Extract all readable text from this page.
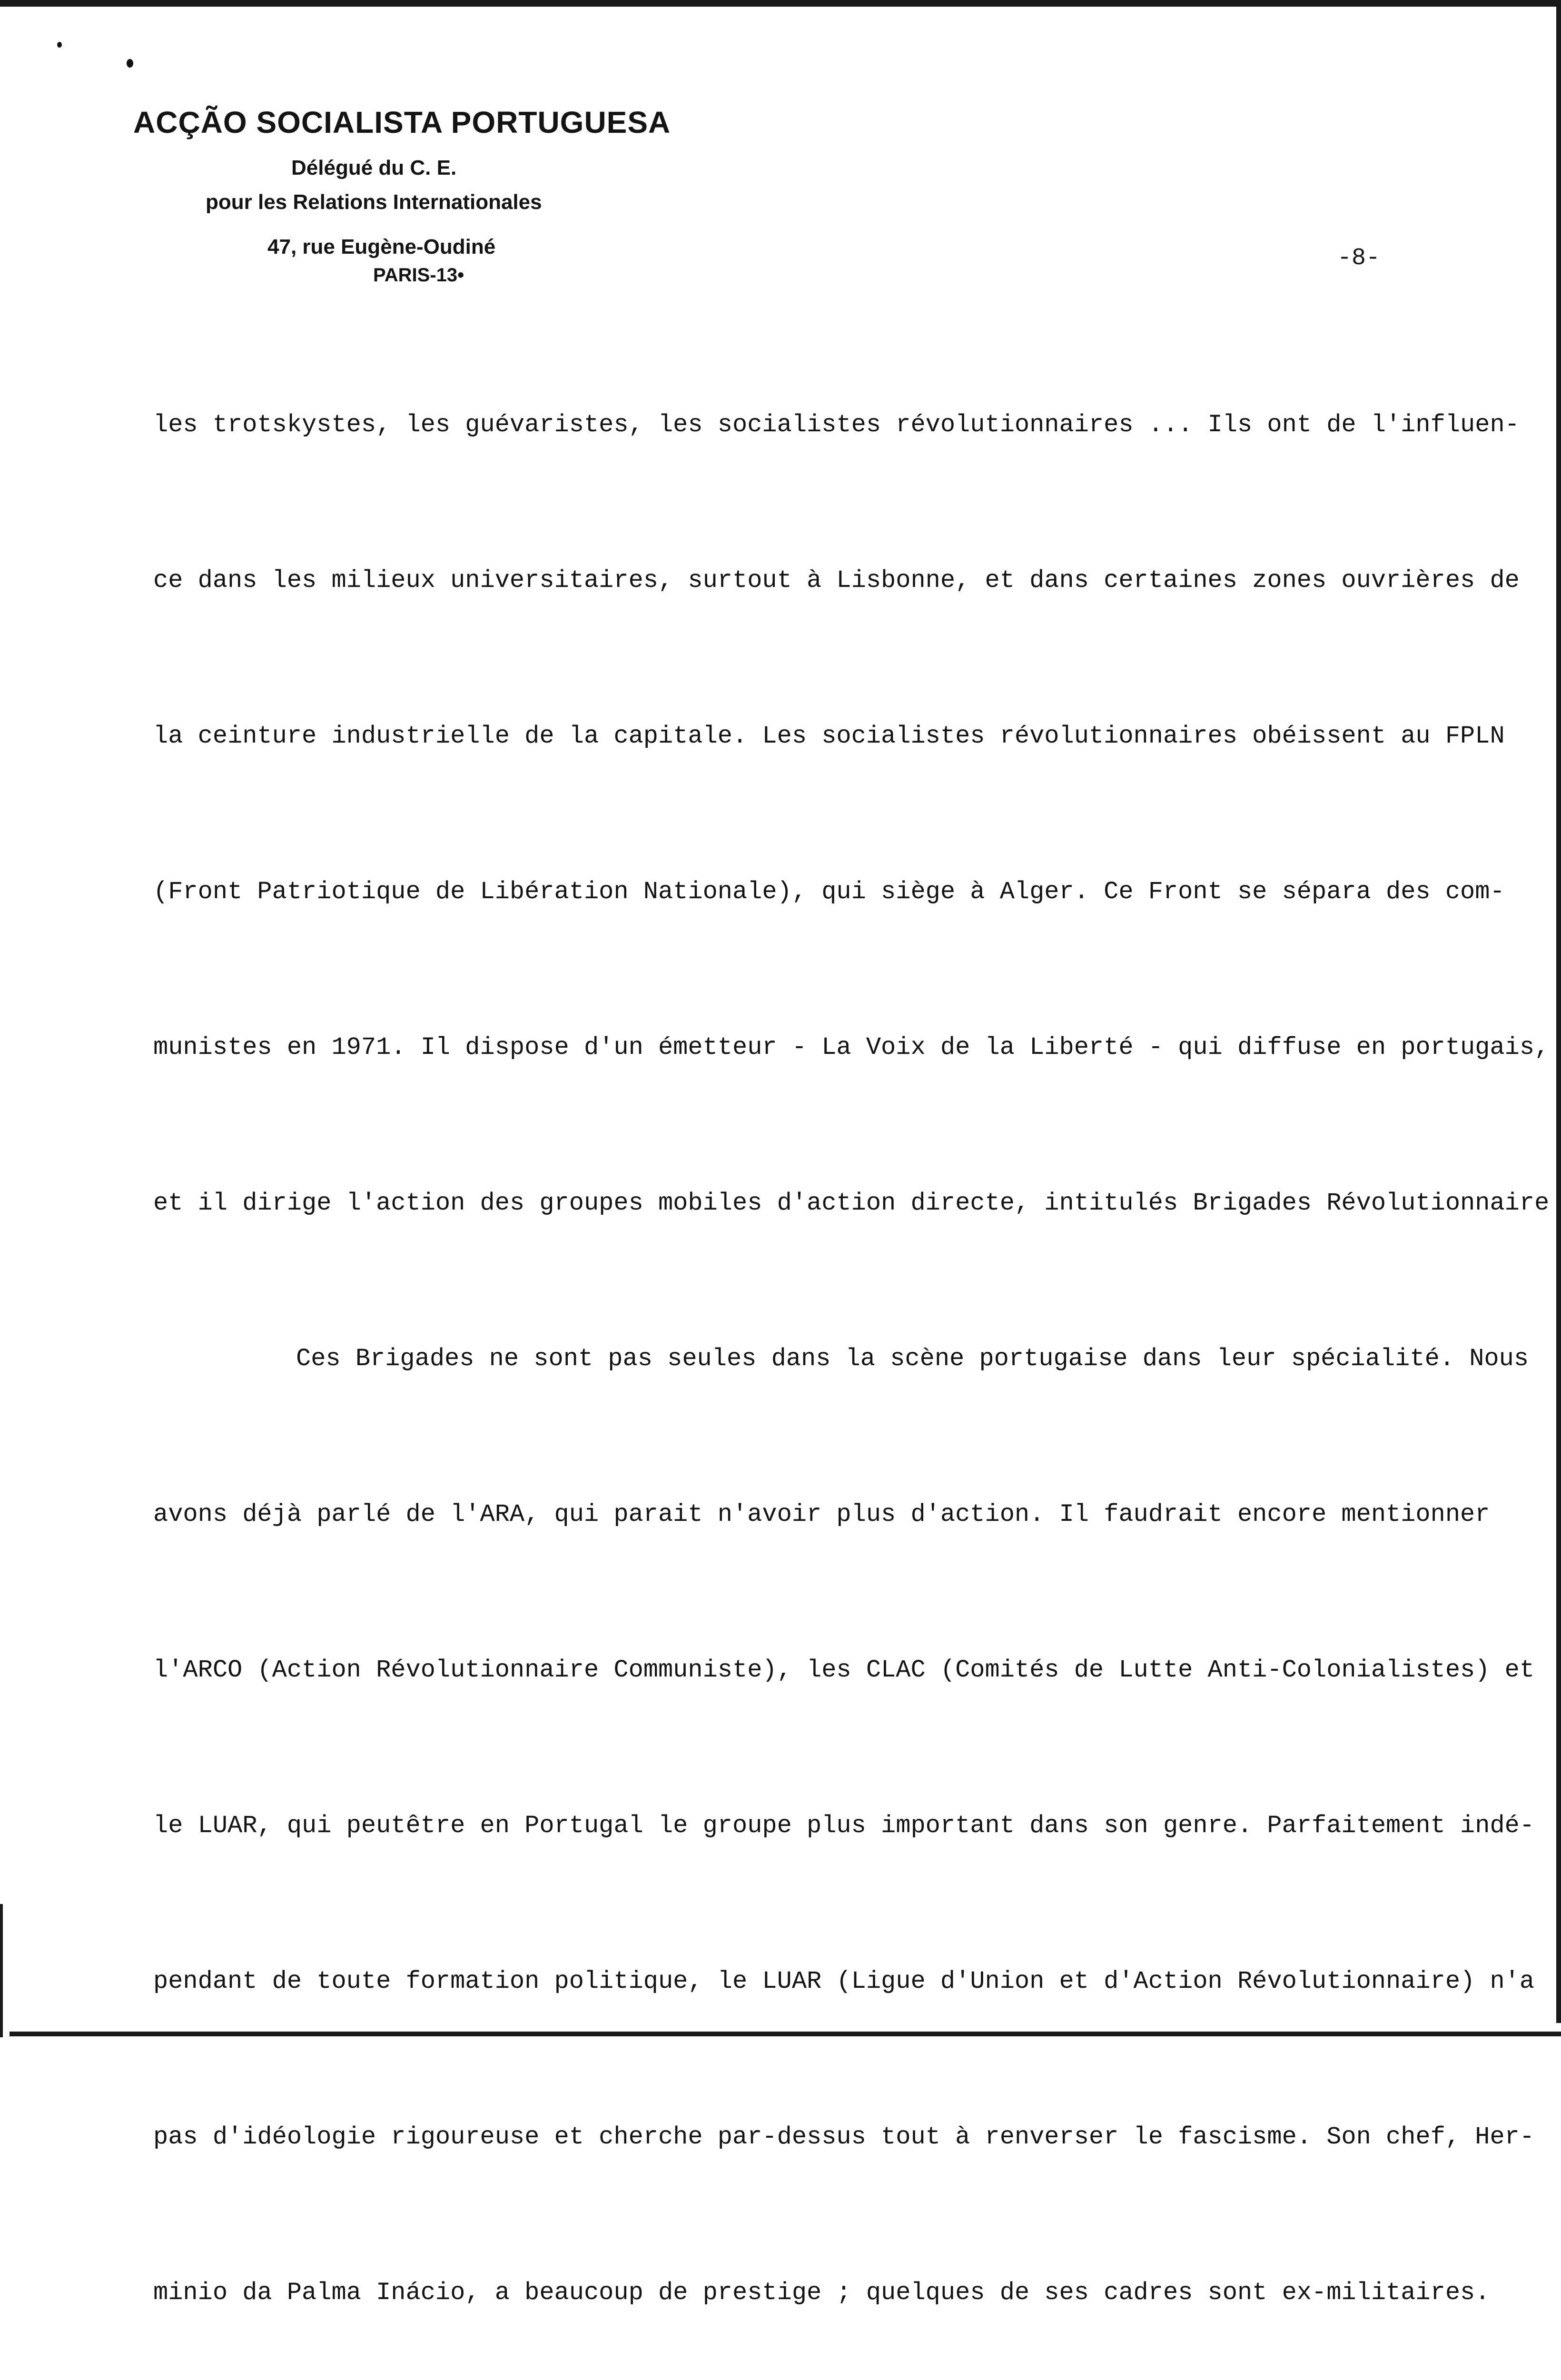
ACÇÃO SOCIALISTA PORTUGUESA
Délégué du C. E.
pour les Relations Internationales
47, rue Eugène-Oudiné
PARIS-13•
-8-

les trotskystes, les guévaristes, les socialistes révolutionnaires ... Ils ont de l'influen-

ce dans les milieux universitaires, surtout à Lisbonne, et dans certaines zones ouvrières de

la ceinture industrielle de la capitale. Les socialistes révolutionnaires obéissent au FPLN

(Front Patriotique de Libération Nationale), qui siège à Alger. Ce Front se sépara des com-

munistes en 1971. Il dispose d'un émetteur - La Voix de la Liberté - qui diffuse en portugais,

et il dirige l'action des groupes mobiles d'action directe, intitulés Brigades Révolutionnaire

Ces Brigades ne sont pas seules dans la scène portugaise dans leur spécialité. Nous

avons déjà parlé de l'ARA, qui parait n'avoir plus d'action. Il faudrait encore mentionner

l'ARCO (Action Révolutionnaire Communiste), les CLAC (Comités de Lutte Anti-Colonialistes) et

le LUAR, qui peutêtre en Portugal le groupe plus important dans son genre. Parfaitement indé-

pendant de toute formation politique, le LUAR (Ligue d'Union et d'Action Révolutionnaire) n'a

pas d'idéologie rigoureuse et cherche par-dessus tout à renverser le fascisme. Son chef, Her-

minio da Palma Inácio, a beaucoup de prestige ; quelques de ses cadres sont ex-militaires.
